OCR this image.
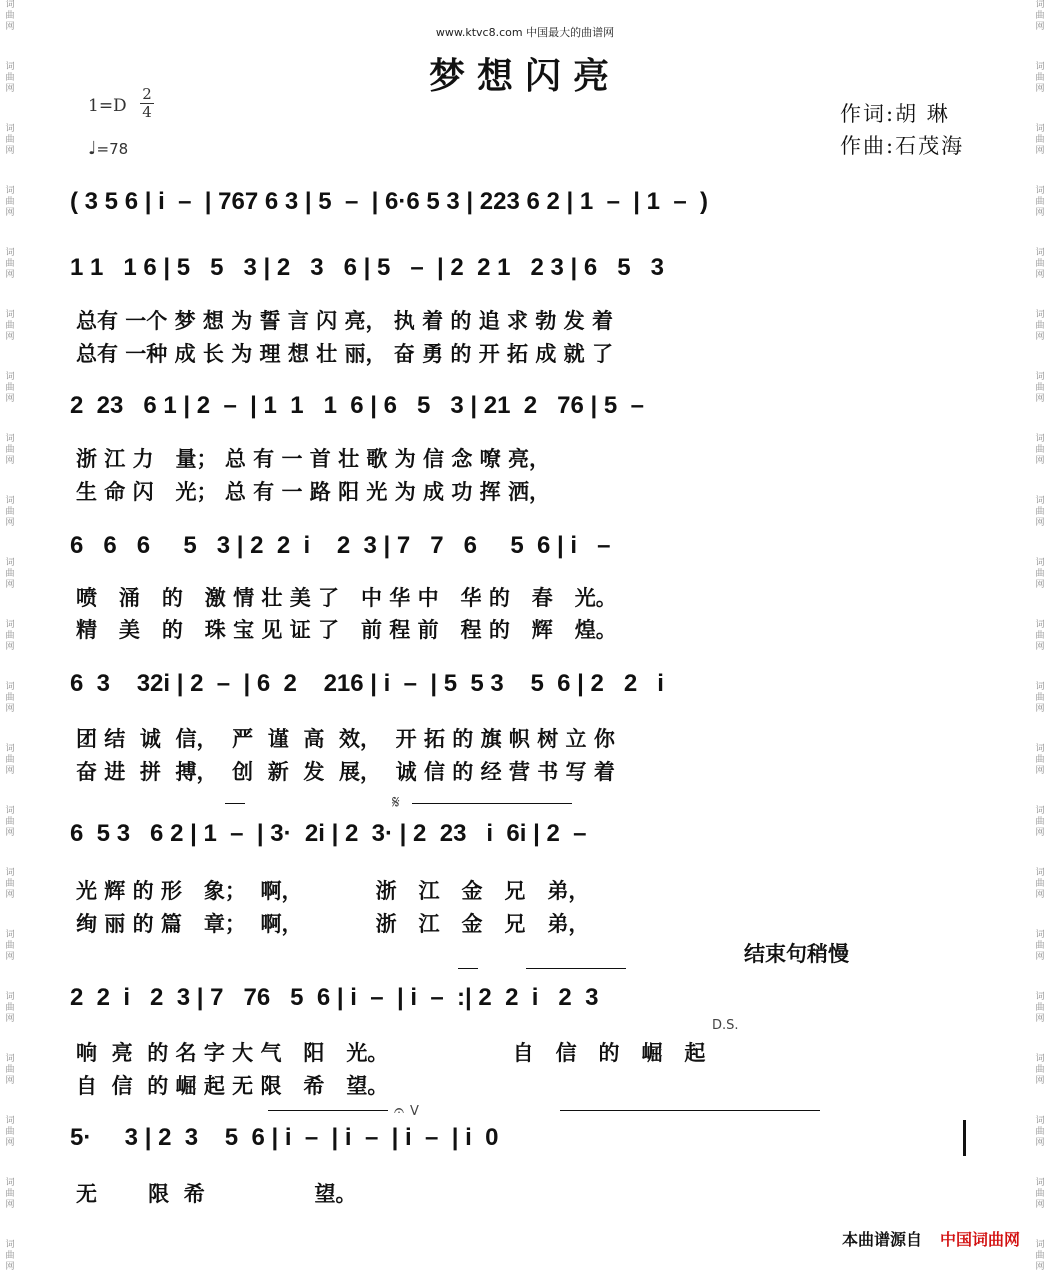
词
曲
网
词
曲
网
词
曲
网
词
曲
网
词
曲
网
词
曲
网
词
曲
网
词
曲
网
词
曲
网
词
曲
网
词
曲
网
词
曲
网
词
曲
网
词
曲
网
词
曲
网
词
曲
网
词
曲
网
词
曲
网
词
曲
网
词
曲
网
词
曲
网
词
曲
网
词
曲
网
词
曲
网
词
曲
网
词
曲
网
词
曲
网
词
曲
网
词
曲
网
词
曲
网
词
曲
网
词
曲
网
词
曲
网
词
曲
网
词
曲
网
词
曲
网
词
曲
网
词
曲
网
词
曲
网
词
曲
网
词
曲
网
词
曲
网
www.ktvc8.com 中国最大的曲谱网
梦想闪亮
1=D
2
4
♩=78
作词:胡 琳
作曲:石茂海
( 3 5 6 | i  –  | 767 6 3 | 5  –  | 6·6 5 3 | 223 6 2 | 1  –  | 1  –  )
1 1   1 6 | 5   5   3 | 2   3   6 | 5   –  | 2  2 1   2 3 | 6   5   3
总有 一个 梦 想 为 誓 言 闪 亮， 执 着 的 追 求 勃 发 着
总有 一种 成 长 为 理 想 壮 丽， 奋 勇 的 开 拓 成 就 了
2  23   6 1 | 2  –  | 1  1   1  6 | 6   5   3 | 21  2   76 | 5  –
浙 江 力   量； 总 有 一 首 壮 歌 为 信 念 嘹 亮，
生 命 闪   光； 总 有 一 路 阳 光 为 成 功 挥 洒，
6   6   6     5   3 | 2  2  i    2  3 | 7   7   6     5  6 | i   –
喷   涌   的   激 情 壮 美 了   中 华 中   华 的   春   光。
精   美   的   珠 宝 见 证 了   前 程 前   程 的   辉   煌。
6  3    32i | 2  –  | 6  2    216 | i  –  | 5  5 3    5  6 | 2   2   i
团 结  诚  信，  严  谨  高  效，  开 拓 的 旗 帜 树 立 你
奋 进  拼  搏，  创  新  发  展，  诚 信 的 经 营 书 写 着
𝄋
6  5 3   6 2 | 1  –  | 3·  2i | 2  3· | 2  23   i  6i | 2  –
光 辉 的 形   象；  啊，          浙   江   金   兄   弟，
绚 丽 的 篇   章；  啊，          浙   江   金   兄   弟，
结束句稍慢
2  2  i   2  3 | 7   76   5  6 | i  –  | i  –  :| 2  2  i   2  3
D.S.
响  亮  的 名 字 大 气   阳   光。                 自   信   的   崛   起
自  信  的 崛 起 无 限   希   望。
𝄐 V
5·     3 | 2  3    5  6 | i  –  | i  –  | i  –  | i  0
无       限  希               望。
本曲谱源自 中国词曲网
